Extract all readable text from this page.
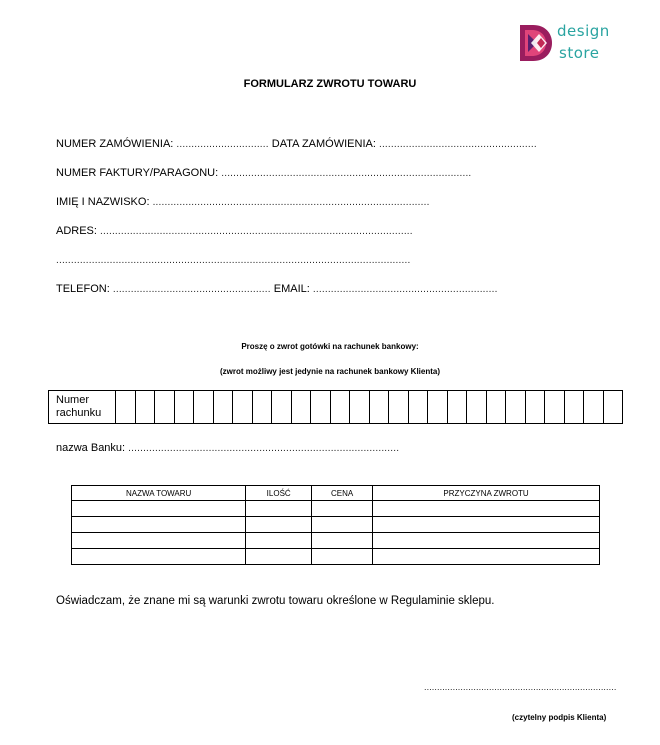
design
store
FORMULARZ ZWROTU TOWARU
NUMER ZAMÓWIENIA: ............................... DATA ZAMÓWIENIA: .....................................................
NUMER FAKTURY/PARAGONU: ....................................................................................
IMIĘ I NAZWISKO: .............................................................................................
ADRES: .........................................................................................................
.......................................................................................................................
TELEFON: ..................................................... EMAIL: ..............................................................
Proszę o zwrot gotówki na rachunek bankowy:
(zwrot możliwy jest jedynie na rachunek bankowy Klienta)
Numer
rachunku																										
nazwa Banku: ...........................................................................................
NAZWA TOWARU	ILOŚĆ	CENA	PRZYCZYNA ZWROTU

Oświadczam, że znane mi są warunki zwrotu towaru określone w Regulaminie sklepu.
..........................................................................
(czytelny podpis Klienta)
